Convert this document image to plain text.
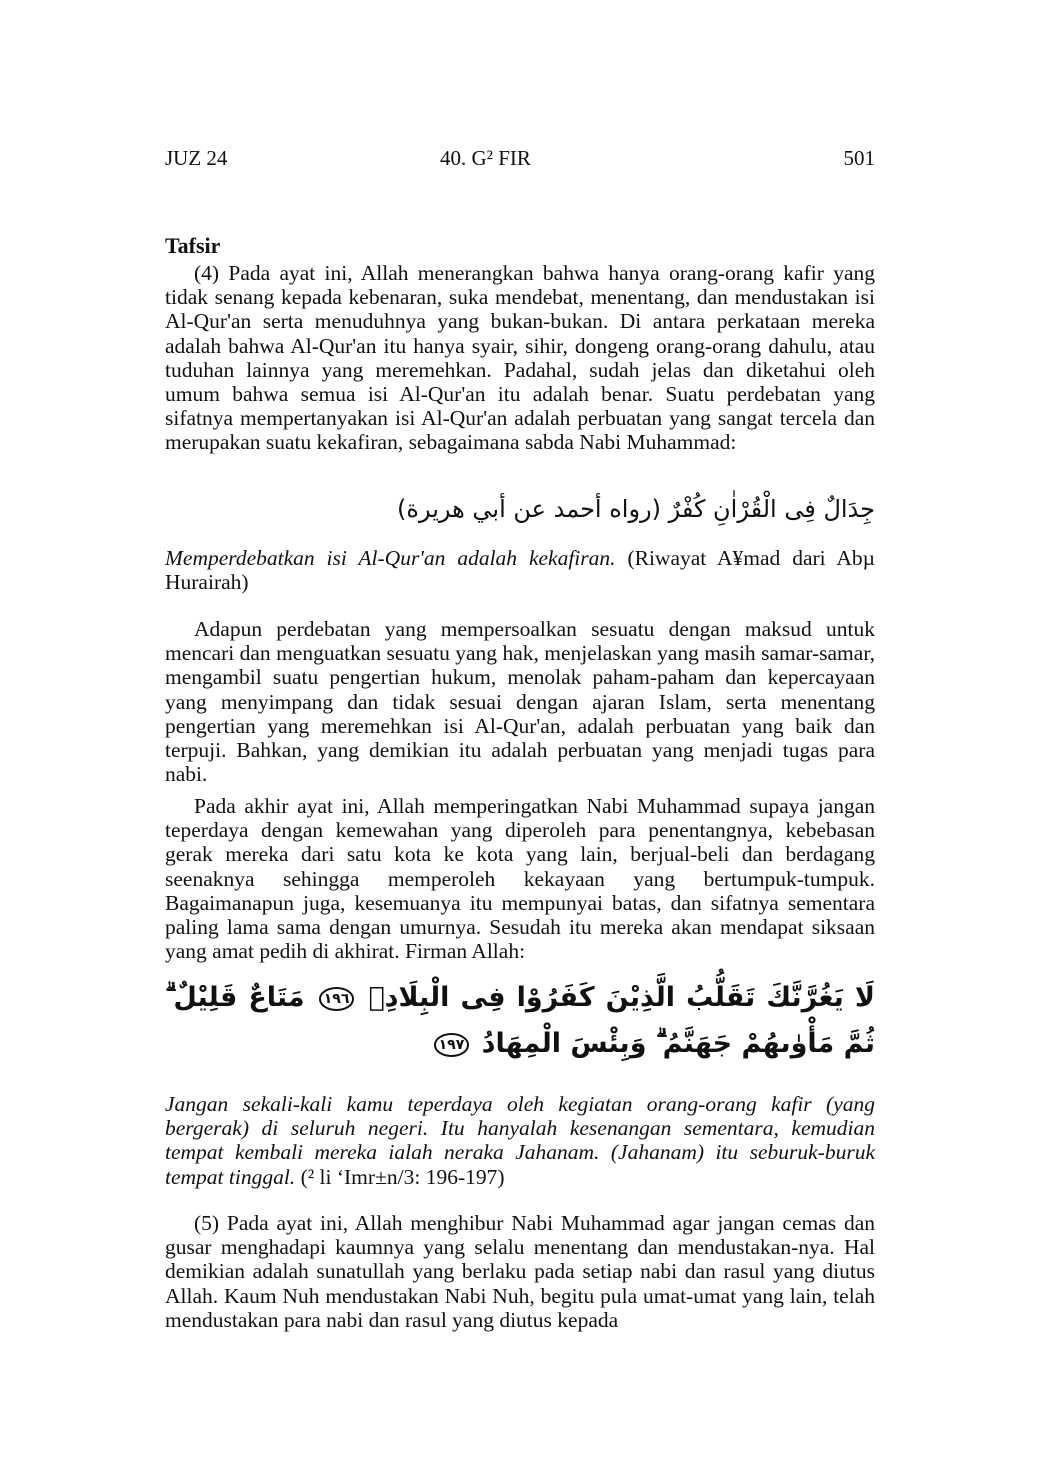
JUZ 24	40. G² FIR	501
Tafsir

(4) Pada ayat ini, Allah menerangkan bahwa hanya orang-orang kafir yang tidak senang kepada kebenaran, suka mendebat, menentang, dan mendustakan isi Al-Qur'an serta menuduhnya yang bukan-bukan. Di antara perkataan mereka adalah bahwa Al-Qur'an itu hanya syair, sihir, dongeng orang-orang dahulu, atau tuduhan lainnya yang meremehkan. Padahal, sudah jelas dan diketahui oleh umum bahwa semua isi Al-Qur'an itu adalah benar. Suatu perdebatan yang sifatnya mempertanyakan isi Al-Qur'an adalah perbuatan yang sangat tercela dan merupakan suatu kekafiran, sebagaimana sabda Nabi Muhammad:

جِدَالٌ فِى الْقُرْاٰنِ كُفْرٌ (رواه أحمد عن أبي هريرة)
Memperdebatkan isi Al-Qur'an adalah kekafiran. (Riwayat A¥mad dari Abµ Hurairah)

Adapun perdebatan yang mempersoalkan sesuatu dengan maksud untuk mencari dan menguatkan sesuatu yang hak, menjelaskan yang masih samar-samar, mengambil suatu pengertian hukum, menolak paham-paham dan kepercayaan yang menyimpang dan tidak sesuai dengan ajaran Islam, serta menentang pengertian yang meremehkan isi Al-Qur'an, adalah perbuatan yang baik dan terpuji. Bahkan, yang demikian itu adalah perbuatan yang menjadi tugas para nabi.

Pada akhir ayat ini, Allah memperingatkan Nabi Muhammad supaya jangan teperdaya dengan kemewahan yang diperoleh para penentangnya, kebebasan gerak mereka dari satu kota ke kota yang lain, berjual-beli dan berdagang seenaknya sehingga memperoleh kekayaan yang bertumpuk-tumpuk. Bagaimanapun juga, kesemuanya itu mempunyai batas, dan sifatnya sementara paling lama sama dengan umurnya. Sesudah itu mereka akan mendapat siksaan yang amat pedih di akhirat. Firman Allah:

لَا يَغُرَّنَّكَ تَقَلُّبُ الَّذِيْنَ كَفَرُوْا فِى الْبِلَادِۗ ١٩٦ مَتَاعٌ قَلِيْلٌ ۗ ثُمَّ مَأْوٰىهُمْ جَهَنَّمُ ۗ وَبِئْسَ الْمِهَادُ ١٩٧
Jangan sekali-kali kamu teperdaya oleh kegiatan orang-orang kafir (yang bergerak) di seluruh negeri. Itu hanyalah kesenangan sementara, kemudian tempat kembali mereka ialah neraka Jahanam. (Jahanam) itu seburuk-buruk tempat tinggal. (² li ‘Imr±n/3: 196-197)

(5) Pada ayat ini, Allah menghibur Nabi Muhammad agar jangan cemas dan gusar menghadapi kaumnya yang selalu menentang dan mendustakan-nya. Hal demikian adalah sunatullah yang berlaku pada setiap nabi dan rasul yang diutus Allah. Kaum Nuh mendustakan Nabi Nuh, begitu pula umat-umat yang lain, telah mendustakan para nabi dan rasul yang diutus kepada
